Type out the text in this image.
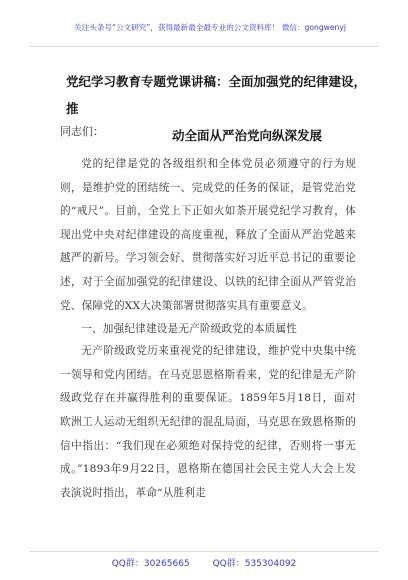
关注头条号“公文研究”，获得最新最全最专业的公文资料库！ 微信：gongwenyj
党纪学习教育专题党课讲稿：全面加强党的纪律建设，推
动全面从严治党向纵深发展
同志们：

党的纪律是党的各级组织和全体党员必须遵守的行为规则，是维护党的团结统一、完成党的任务的保证，是管党治党的“戒尺”。目前，全党上下正如火如荼开展党纪学习教育，体现出党中央对纪律建设的高度重视，释放了全面从严治党越来越严的新号。学习领会好、贯彻落实好习近平总书记的重要论述，对于全面加强党的纪律建设、以铁的纪律全面从严管党治党、保障党的XX大决策部署贯彻落实具有重要意义。

一、加强纪律建设是无产阶级政党的本质属性

无产阶级政党历来重视党的纪律建设，维护党中央集中统一领导和党内团结。在马克思恩格斯看来，党的纪律是无产阶级政党存在并赢得胜利的重要保证。1859年5月18日，面对欧洲工人运动无组织无纪律的混乱局面，马克思在致恩格斯的信中指出：“我们现在必须绝对保持党的纪律，否则将一事无成。”1893年9月22日，恩格斯在德国社会民主党人大会上发表演说时指出，革命“从胜利走

QQ群：30265665	QQ群：535304092
